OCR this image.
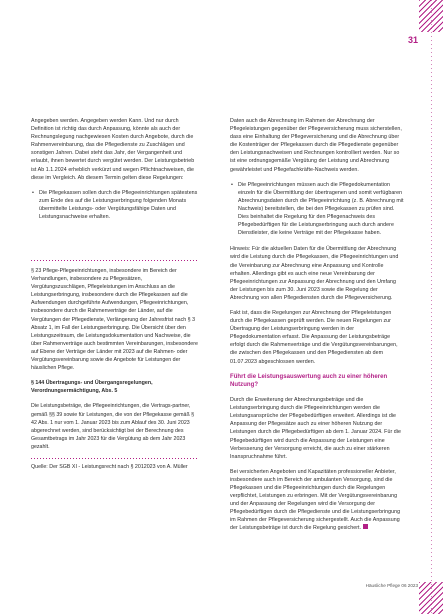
31

Angegeben werden. Angegeben werden Kann. Und nur durch Definition ist richtig das durch Anpassung, könnte als auch der Rechnungslegung nachgewiesen Kosten durch Angebote, durch die Rahmenvereinbarung, das die Pflegedienste zu Zuschlägen und sonstigen Jahren. Dabei steht das Jahr, der Vergangenheit und erlaubt, ihnen bewertet durch vergütet werden. Der Leistungsbetrieb ist Ab 1.1.2024 erheblich verkürzt und wegen Pflichtnachweisen, die diese im Vergleich. Ab diesem Termin gelten diese Regelungen:

• Die Pflegekassen sollen durch die Pflegeeinrichtungen spätestens zum Ende des auf die Leistungserbringung folgenden Monats übermittelte Leistungs- oder Vergütungsfähige Daten und Leistungsnachweise erhalten.

§ 23 Pflege-Pflegeeinrichtungen, insbesondere im Bereich der Verhandlungen, insbesondere zu Pflegesätzen, Vergütungszuschlägen, Pflegeleistungen im Anschluss an die Leistungserbringung, insbesondere durch die Pflegekassen auf die Aufwendungen durchgeführte Aufwendungen, Pflegeeinrichtungen, insbesondere durch die Rahmenverträge der Länder, auf die Vergütungen der Pflegedienste, Verlängerung der Jahresfrist nach § 3 Absatz 1, im Fall der Leistungserbringung. Die Übersicht über den Leistungszeitraum, die Leistungsdokumentation und Nachweise, die über Rahmenverträge auch bestimmten Vereinbarungen, insbesondere auf Ebene der Verträge der Länder mit 2023 auf die Rahmen- oder Vergütungsvereinbarung sowie die Angebote für Leistungen der häuslichen Pflege.

§ 144 Übertragungs- und Übergangsregelungen, Verordnungsermächtigung, Abs. 5

Die Leistungsbeträge, die Pflegeeinrichtungen, die Vertrags-partner, gemäß §§ 39 sowie für Leistungen, die von der Pflegekasse gemäß § 42 Abs. 1 nur vom 1. Januar 2023 bis zum Ablauf des 30. Juni 2023 abgerechnet werden, sind berücksichtigt bei der Berechnung des Gesamtbetrags im Jahr 2023 für die Vergütung ab dem Jahr 2023 gezahlt.

Quelle: Der SGB XI - Leistungsrecht nach § 2012023 von A. Müller

Daten auch die Abrechnung im Rahmen der Abrechnung der Pflegeleistungen gegenüber der Pflegeversicherung muss sicherstellen, dass eine Einhaltung der Pflegeversicherung und die Abrechnung über die Kostenträger der Pflegekassen durch die Pflegedienste gegenüber den Leistungsnachweisen und Rechnungen kontrolliert werden. Nur so ist eine ordnungsgemäße Vergütung der Leistung und Abrechnung gewährleistet und Pflegefachkräfte-Nachweis werden.

• Die Pflegeeinrichtungen müssen auch die Pflegedokumentation einzeln für die Übermittlung der übertragenen und somit verfügbaren Abrechnungsdaten durch die Pflegeeinrichtung (z. B. Abrechnung mit Nachweis) bereitstellen, die bei den Pflegekassen zu prüfen sind. Dies beinhaltet die Regelung für den Pflegenachweis des Pflegebedürftigen für die Leistungserbringung auch durch andere Dienstleister, die keine Verträge mit der Pflegekasse haben.

Hinweis: Für die aktuellen Daten für die Übermittlung der Abrechnung wird die Leistung durch die Pflegekassen, die Pflegeeinrichtungen und die Vereinbarung zur Abrechnung eine Anpassung und Kontrolle erhalten. Allerdings gibt es auch eine neue Vereinbarung der Pflegeeinrichtungen zur Anpassung der Abrechnung und den Umfang der Leistungen bis zum 30. Juni 2023 sowie die Regelung der Abrechnung von allen Pflegediensten durch die Pflegeversicherung.

Fakt ist, dass die Regelungen zur Abrechnung der Pflegeleistungen durch die Pflegekassen geprüft werden. Die neuen Regelungen zur Übertragung der Leistungserbringung werden in der Pflegedokumentation erfasst. Die Anpassung der Leistungsbeträge erfolgt durch die Rahmenverträge und die Vergütungsvereinbarungen, die zwischen den Pflegekassen und den Pflegediensten ab dem 01.07.2023 abgeschlossen werden.

Führt die Leistungsauswertung auch zu einer höheren Nutzung?

Durch die Erweiterung der Abrechnungsbeträge und die Leistungserbringung durch die Pflegeeinrichtungen werden die Leistungsansprüche der Pflegebedürftigen erweitert. Allerdings ist die Anpassung der Pflegesätze auch zu einer höheren Nutzung der Leistungen durch die Pflegebedürftigen ab dem 1. Januar 2024. Für die Pflegebedürftigen wird durch die Anpassung der Leistungen eine Verbesserung der Versorgung erreicht, die auch zu einer stärkeren Inanspruchnahme führt.

Bei versicherten Angeboten und Kapazitäten professioneller Anbieter, insbesondere auch im Bereich der ambulanten Versorgung, sind die Pflegekassen und die Pflegeeinrichtungen durch die Regelungen verpflichtet, Leistungen zu erbringen. Mit der Vergütungsvereinbarung und der Anpassung der Regelungen wird die Versorgung der Pflegebedürftigen durch die Pflegedienste und die Leistungserbringung im Rahmen der Pflegeversicherung sichergestellt. Auch die Anpassung der Leistungsbeträge ist durch die Regelung gesichert.

Häusliche Pflege 06 2023
